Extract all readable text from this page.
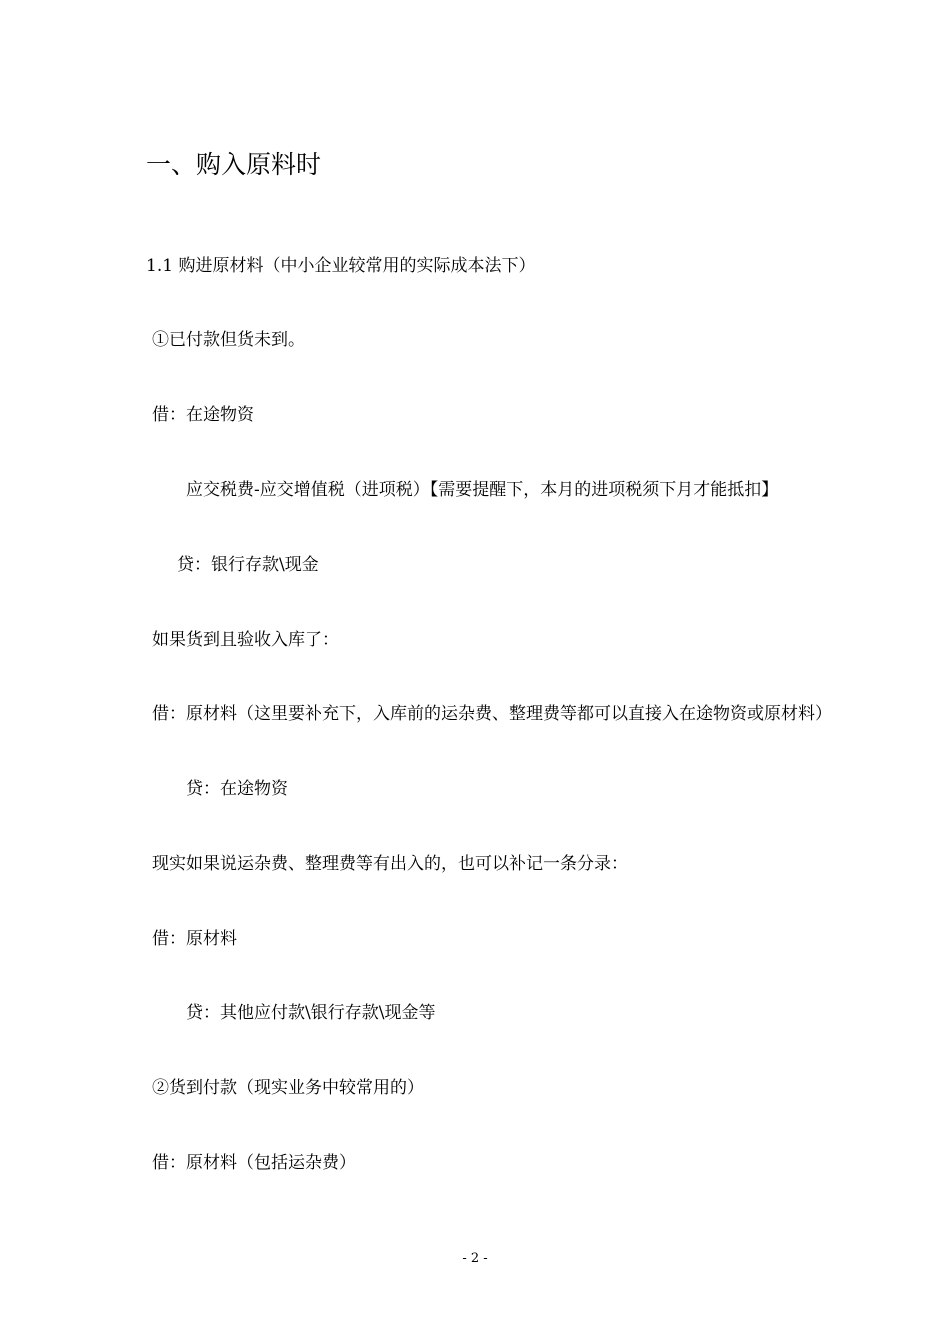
一、购入原料时
1.1 购进原材料（中小企业较常用的实际成本法下）
①已付款但货未到。
借：在途物资
应交税费-应交增值税（进项税）【需要提醒下，本月的进项税须下月才能抵扣】
贷：银行存款\现金
如果货到且验收入库了：
借：原材料（这里要补充下，入库前的运杂费、整理费等都可以直接入在途物资或原材料）
贷：在途物资
现实如果说运杂费、整理费等有出入的，也可以补记一条分录：
借：原材料
贷：其他应付款\银行存款\现金等
②货到付款（现实业务中较常用的）
借：原材料（包括运杂费）
- 2 -
